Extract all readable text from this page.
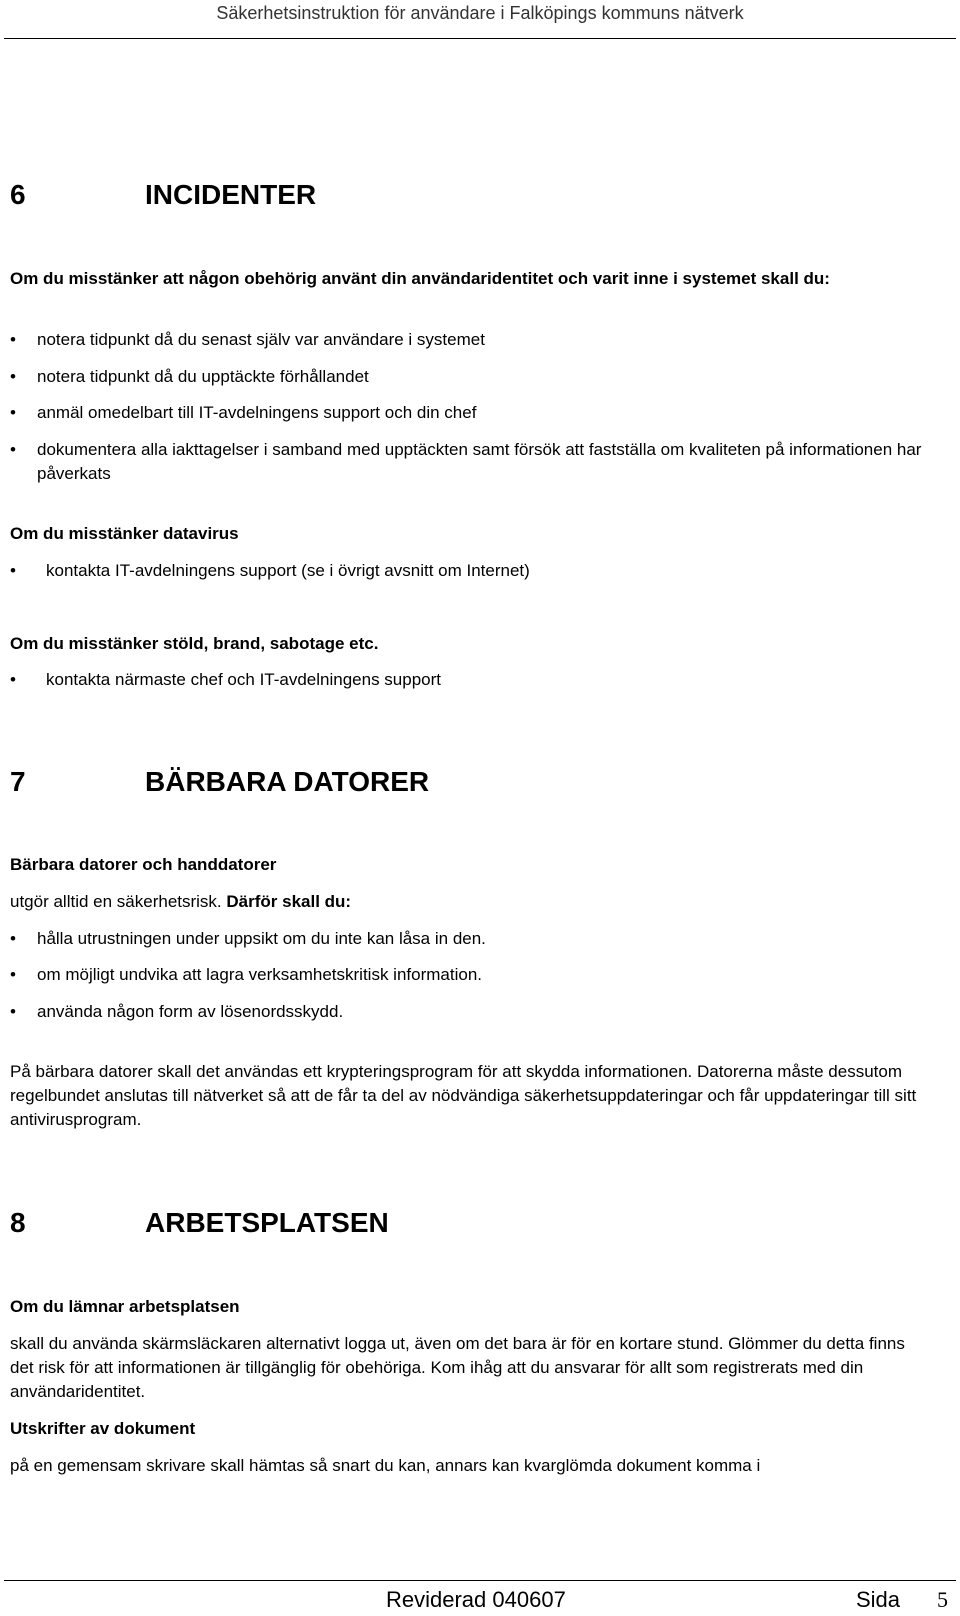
Säkerhetsinstruktion för användare i Falköpings kommuns nätverk
6	INCIDENTER
Om du misstänker att någon obehörig använt din användaridentitet och varit inne i systemet skall du:
•	notera tidpunkt då du senast själv var användare i systemet
•	notera tidpunkt då du upptäckte förhållandet
•	anmäl omedelbart till IT-avdelningens support och din chef
•	dokumentera alla iakttagelser i samband med upptäckten samt försök att fastställa om kvaliteten på informationen har påverkats
Om du misstänker datavirus
•	kontakta IT-avdelningens support (se i övrigt avsnitt om Internet)
Om du misstänker stöld, brand, sabotage etc.
•	kontakta närmaste chef och IT-avdelningens support
7	BÄRBARA DATORER
Bärbara datorer och handdatorer
utgör alltid en säkerhetsrisk. Därför skall du:
•	hålla utrustningen under uppsikt om du inte kan låsa in den.
•	om möjligt undvika att lagra verksamhetskritisk information.
•	använda någon form av lösenordsskydd.
På bärbara datorer skall det användas ett krypteringsprogram för att skydda informationen. Datorerna måste dessutom regelbundet anslutas till nätverket så att de får ta del av nödvändiga säkerhetsuppdateringar och får uppdateringar till sitt antivirusprogram.
8	ARBETSPLATSEN
Om du lämnar arbetsplatsen
skall du använda skärmsläckaren alternativt logga ut, även om det bara är för en kortare stund. Glömmer du detta finns det risk för att informationen är tillgänglig för obehöriga. Kom ihåg att du ansvarar för allt som registrerats med din användaridentitet.
Utskrifter av dokument
på en gemensam skrivare skall hämtas så snart du kan, annars kan kvarglömda dokument komma i
Reviderad 040607	Sida 5
